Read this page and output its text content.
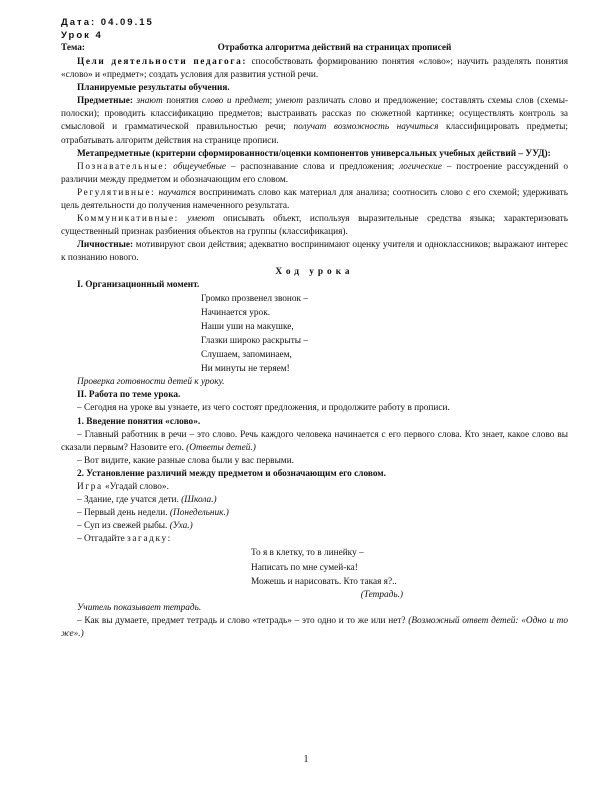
Дата: 04.09.15
Урок 4
Тема:	Отработка алгоритма действий на страницах прописей

Цели деятельности педагога: способствовать формированию понятия «слово»; научить разделять понятия «слово» и «предмет»; создать условия для развития устной речи.

Планируемые результаты обучения.

Предметные: знают понятия слово и предмет; умеют различать слово и предложение; составлять схемы слов (схемы-полоски); проводить классификацию предметов; выстраивать рассказ по сюжетной картинке; осуществлять контроль за смысловой и грамматической правильностью речи; получат возможность научиться классифицировать предметы; отрабатывать алгоритм действия на странице прописи.

Метапредметные (критерии сформированности/оценки компонентов универсальных учебных действий – УУД):

Познавательные: общеучебные – распознавание слова и предложения; логические – построение рассуждений о различии между предметом и обозначающим его словом.

Регулятивные: научатся воспринимать слово как материал для анализа; соотносить слово с его схемой; удерживать цель деятельности до получения намеченного результата.

Коммуникативные: умеют описывать объект, используя выразительные средства языка; характеризовать существенный признак разбиения объектов на группы (классификация).

Личностные: мотивируют свои действия; адекватно воспринимают оценку учителя и одноклассников; выражают интерес к познанию нового.

Ход урока

I. Организационный момент.

Громко прозвенел звонок –
Начинается урок.
Наши уши на макушке,
Глазки широко раскрыты –
Слушаем, запоминаем,
Ни минуты не теряем!

Проверка готовности детей к уроку.

II. Работа по теме урока.

– Сегодня на уроке вы узнаете, из чего состоят предложения, и продолжите работу в прописи.

1. Введение понятия «слово».

– Главный работник в речи – это слово. Речь каждого человека начинается с его первого слова. Кто знает, какое слово вы сказали первым? Назовите его. (Ответы детей.)

– Вот видите, какие разные слова были у вас первыми.

2. Установление различий между предметом и обозначающим его словом.

Игра «Угадай слово».

– Здание, где учатся дети. (Школа.)

– Первый день недели. (Понедельник.)

– Суп из свежей рыбы. (Уха.)

– Отгадайте загадку:

То я в клетку, то в линейку –
Написать по мне сумей-ка!
Можешь и нарисовать. Кто такая я?..

(Тетрадь.)

Учитель показывает тетрадь.

– Как вы думаете, предмет тетрадь и слово «тетрадь» – это одно и то же или нет? (Возможный ответ детей: «Одно и то же».)

1
